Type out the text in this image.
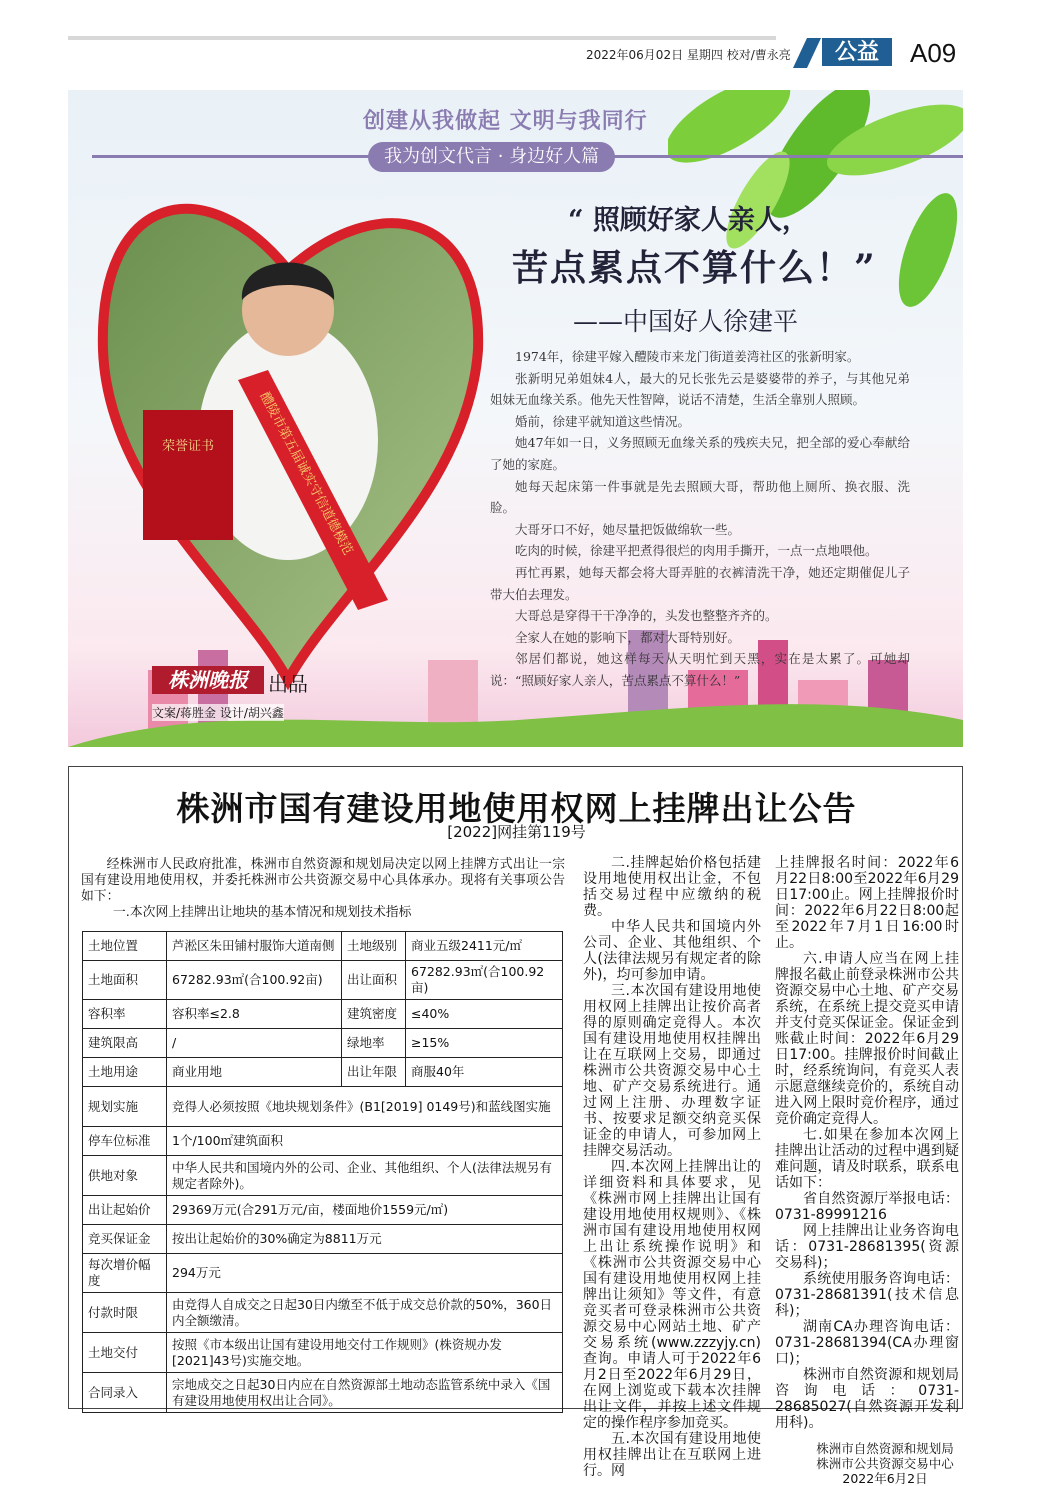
2022年06月02日 星期四 校对/曹永亮	公益	A09
荣誉证书	醴陵市第五届诚实守信道德模范
创建从我做起 文明与我同行
我为创文代言 · 身边好人篇
“ 照顾好家人亲人，
苦点累点不算什么！”
——中国好人徐建平

1974年，徐建平嫁入醴陵市来龙门街道姜湾社区的张新明家。

张新明兄弟姐妹4人，最大的兄长张先云是婆婆带的养子，与其他兄弟姐妹无血缘关系。他先天性智障，说话不清楚，生活全靠别人照顾。

婚前，徐建平就知道这些情况。

她47年如一日，义务照顾无血缘关系的残疾夫兄，把全部的爱心奉献给了她的家庭。

她每天起床第一件事就是先去照顾大哥，帮助他上厕所、换衣服、洗脸。

大哥牙口不好，她尽量把饭做绵软一些。

吃肉的时候，徐建平把煮得很烂的肉用手撕开，一点一点地喂他。

再忙再累，她每天都会将大哥弄脏的衣裤清洗干净，她还定期催促儿子带大伯去理发。

大哥总是穿得干干净净的，头发也整整齐齐的。

全家人在她的影响下，都对大哥特别好。

邻居们都说，她这样每天从天明忙到天黑，实在是太累了。可她却说：“照顾好家人亲人，苦点累点不算什么！”

株洲晚报	出品
文案/蒋胜金 设计/胡兴鑫
株洲市国有建设用地使用权网上挂牌出让公告
[2022]网挂第119号

经株洲市人民政府批准，株洲市自然资源和规划局决定以网上挂牌方式出让一宗国有建设用地使用权，并委托株洲市公共资源交易中心具体承办。现将有关事项公告如下：

一.本次网上挂牌出让地块的基本情况和规划技术指标

土地位置	芦淞区朱田铺村服饰大道南侧	土地级别	商业五级2411元/㎡
土地面积	67282.93㎡(合100.92亩)	出让面积	67282.93㎡(合100.92亩)
容积率	容积率≤2.8	建筑密度	≤40%
建筑限高	/	绿地率	≥15%
土地用途	商业用地	出让年限	商服40年
规划实施	竞得人必须按照《地块规划条件》(B1[2019] 0149号)和蓝线图实施		
停车位标准	1个/100㎡建筑面积		
供地对象	中华人民共和国境内外的公司、企业、其他组织、个人(法律法规另有规定者除外)。		
出让起始价	29369万元(合291万元/亩，楼面地价1559元/㎡)		
竞买保证金	按出让起始价的30%确定为8811万元		
每次增价幅度	294万元		
付款时限	由竞得人自成交之日起30日内缴至不低于成交总价款的50%，360日内全额缴清。		
土地交付	按照《市本级出让国有建设用地交付工作规则》(株资规办发[2021]43号)实施交地。		
合同录入	宗地成交之日起30日内应在自然资源部土地动态监管系统中录入《国有建设用地使用权出让合同》。		

二.挂牌起始价格包括建设用地使用权出让金，不包括交易过程中应缴纳的税费。

中华人民共和国境内外公司、企业、其他组织、个人(法律法规另有规定者的除外)，均可参加申请。

三.本次国有建设用地使用权网上挂牌出让按价高者得的原则确定竞得人。本次国有建设用地使用权挂牌出让在互联网上交易，即通过株洲市公共资源交易中心土地、矿产交易系统进行。通过网上注册、办理数字证书、按要求足额交纳竞买保证金的申请人，可参加网上挂牌交易活动。

四.本次网上挂牌出让的详细资料和具体要求，见《株洲市网上挂牌出让国有建设用地使用权规则》、《株洲市国有建设用地使用权网上出让系统操作说明》和《株洲市公共资源交易中心国有建设用地使用权网上挂牌出让须知》等文件，有意竞买者可登录株洲市公共资源交易中心网站土地、矿产交易系统(www.zzzyjy.cn)查询。申请人可于2022年6月2日至2022年6月29日，在网上浏览或下载本次挂牌出让文件，并按上述文件规定的操作程序参加竞买。

五.本次国有建设用地使用权挂牌出让在互联网上进行。网

上挂牌报名时间：2022年6月22日8:00至2022年6月29日17:00止。网上挂牌报价时间：2022年6月22日8:00起至2022年7月1日16:00时止。

六.申请人应当在网上挂牌报名截止前登录株洲市公共资源交易中心土地、矿产交易系统，在系统上提交竞买申请并支付竞买保证金。保证金到账截止时间：2022年6月29日17:00。挂牌报价时间截止时，经系统询问，有竞买人表示愿意继续竞价的，系统自动进入网上限时竞价程序，通过竞价确定竞得人。

七.如果在参加本次网上挂牌出让活动的过程中遇到疑难问题，请及时联系，联系电话如下：

省自然资源厅举报电话：0731-89991216

网上挂牌出让业务咨询电话：0731-28681395(资源交易科)；

系统使用服务咨询电话：0731-28681391(技术信息科)；

湖南CA办理咨询电话：0731-28681394(CA办理窗口)；

株洲市自然资源和规划局咨询电话：0731-28685027(自然资源开发利用科)。

株洲市自然资源和规划局
株洲市公共资源交易中心
2022年6月2日
